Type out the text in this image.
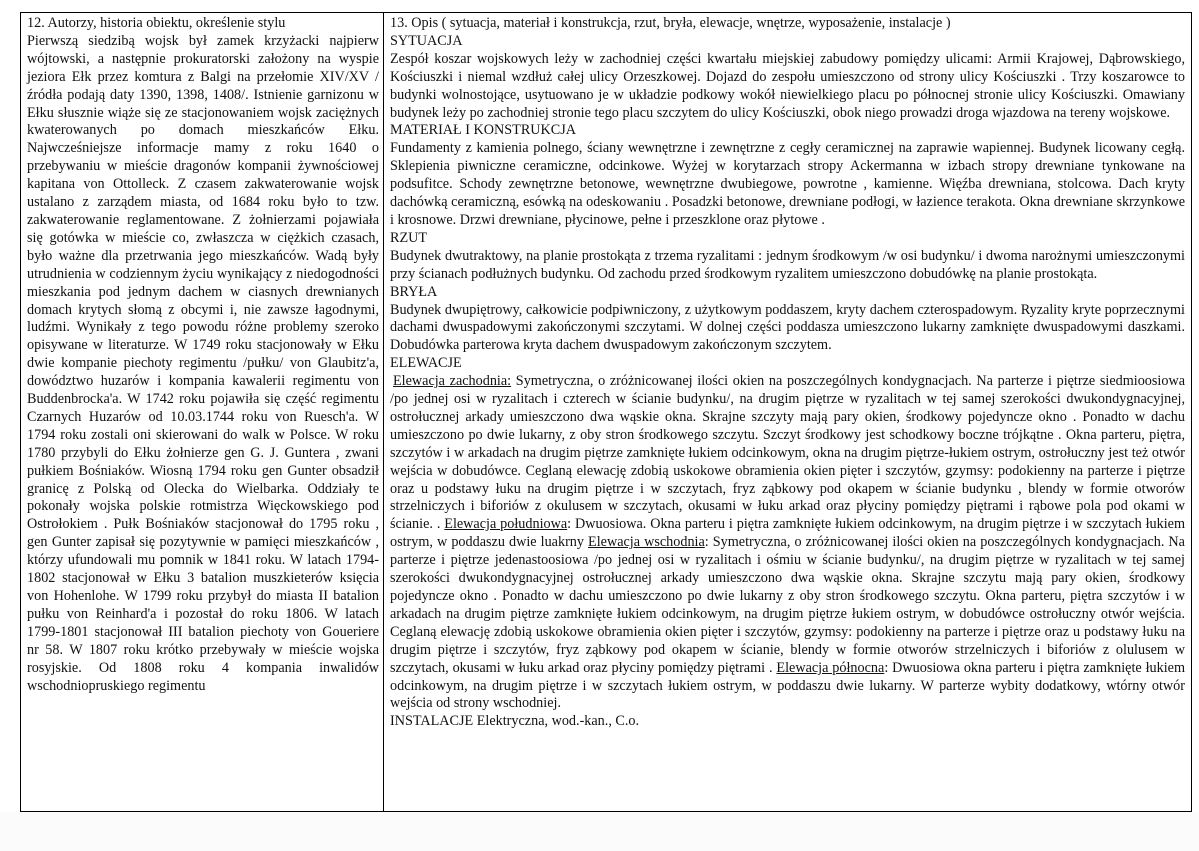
12. Autorzy, historia obiektu, określenie stylu
Pierwszą siedzibą wojsk był zamek krzyżacki najpierw wójtowski, a następnie prokuratorski założony na wyspie jeziora Ełk przez komtura z Balgi na przełomie XIV/XV / źródła podają daty 1390, 1398, 1408/. Istnienie garnizonu w Ełku słusznie wiąże się ze stacjonowaniem wojsk zaciężnych kwaterowanych po domach mieszkańców Ełku. Najwcześniejsze informacje mamy z roku 1640 o przebywaniu w mieście dragonów kompanii żywnościowej kapitana von Ottolleck. Z czasem zakwaterowanie wojsk ustalano z zarządem miasta, od 1684 roku było to tzw. zakwaterowanie reglamentowane. Z żołnierzami pojawiała się gotówka w mieście co, zwłaszcza w ciężkich czasach, było ważne dla przetrwania jego mieszkańców. Wadą były utrudnienia w codziennym życiu wynikający z niedogodności mieszkania pod jednym dachem w ciasnych drewnianych domach krytych słomą z obcymi i, nie zawsze łagodnymi, ludźmi. Wynikały z tego powodu różne problemy szeroko opisywane w literaturze. W 1749 roku stacjonowały w Ełku dwie kompanie piechoty regimentu /pułku/ von Glaubitz'a, dowództwo huzarów i kompania kawalerii regimentu von Buddenbrocka'a. W 1742 roku pojawiła się część regimentu Czarnych Huzarów od 10.03.1744 roku von Ruesch'a. W 1794 roku zostali oni skierowani do walk w Polsce. W roku 1780 przybyli do Ełku żołnierze gen G. J. Guntera , zwani pułkiem Bośniaków. Wiosną 1794 roku gen Gunter obsadził granicę z Polską od Olecka do Wielbarka. Oddziały te pokonały wojska polskie rotmistrza Więckowskiego pod Ostrołokiem . Pułk Bośniaków stacjonował do 1795 roku , gen Gunter zapisał się pozytywnie w pamięci mieszkańców , którzy ufundowali mu pomnik w 1841 roku. W latach 1794-1802 stacjonował w Ełku 3 batalion muszkieterów księcia von Hohenlohe. W 1799 roku przybył do miasta II batalion pułku von Reinhard'a i pozostał do roku 1806. W latach 1799-1801 stacjonował III batalion piechoty von Goueriere nr 58. W 1807 roku krótko przebywały w mieście wojska rosyjskie. Od 1808 roku 4 kompania inwalidów wschodniopruskiego regimentu
13. Opis ( sytuacja, materiał i konstrukcja, rzut, bryła, elewacje, wnętrze, wyposażenie, instalacje )
SYTUACJA
Zespół koszar wojskowych leży w zachodniej części kwartału miejskiej zabudowy pomiędzy ulicami: Armii Krajowej, Dąbrowskiego, Kościuszki i niemal wzdłuż całej ulicy Orzeszkowej. Dojazd do zespołu umieszczono od strony ulicy Kościuszki . Trzy koszarowce to budynki wolnostojące, usytuowano je w układzie podkowy wokół niewielkiego placu po północnej stronie ulicy Kościuszki. Omawiany budynek leży po zachodniej stronie tego placu szczytem do ulicy Kościuszki, obok niego prowadzi droga wjazdowa na tereny wojskowe.
MATERIAŁ I KONSTRUKCJA
Fundamenty z kamienia polnego, ściany wewnętrzne i zewnętrzne z cegły ceramicznej na zaprawie wapiennej. Budynek licowany cegłą. Sklepienia piwniczne ceramiczne, odcinkowe. Wyżej w korytarzach stropy Ackermanna w izbach stropy drewniane tynkowane na podsufitce. Schody zewnętrzne betonowe, wewnętrzne dwubiegowe, powrotne , kamienne. Więźba drewniana, stolcowa. Dach kryty dachówką ceramiczną, esówką na odeskowaniu . Posadzki betonowe, drewniane podłogi, w łazience terakota. Okna drewniane skrzynkowe i krosnowe. Drzwi drewniane, płycinowe, pełne i przeszklone oraz płytowe .
RZUT
Budynek dwutraktowy, na planie prostokąta z trzema ryzalitami : jednym środkowym /w osi budynku/ i dwoma narożnymi umieszczonymi przy ścianach podłużnych budynku. Od zachodu przed środkowym ryzalitem umieszczono dobudówkę na planie prostokąta.
BRYŁA
Budynek dwupiętrowy, całkowicie podpiwniczony, z użytkowym poddaszem, kryty dachem czterospadowym. Ryzality kryte poprzecznymi dachami dwuspadowymi zakończonymi szczytami. W dolnej części poddasza umieszczono lukarny zamknięte dwuspadowymi daszkami. Dobudówka parterowa kryta dachem dwuspadowym zakończonym szczytem.
ELEWACJE
Elewacja zachodnia: Symetryczna, o zróżnicowanej ilości okien na poszczególnych kondygnacjach. Na parterze i piętrze siedmioosiowa /po jednej osi w ryzalitach i czterech w ścianie budynku/, na drugim piętrze w ryzalitach w tej samej szerokości dwukondygnacyjnej, ostrołucznej arkady umieszczono dwa wąskie okna. Skrajne szczyty mają pary okien, środkowy pojedyncze okno . Ponadto w dachu umieszczono po dwie lukarny, z oby stron środkowego szczytu. Szczyt środkowy jest schodkowy boczne trójkątne . Okna parteru, piętra, szczytów i w arkadach na drugim piętrze zamknięte łukiem odcinkowym, okna na drugim piętrze-łukiem ostrym, ostrołuczny jest też otwór wejścia w dobudówce. Ceglaną elewację zdobią uskokowe obramienia okien pięter i szczytów, gzymsy: podokienny na parterze i piętrze oraz u podstawy łuku na drugim piętrze i w szczytach, fryz ząbkowy pod okapem w ścianie budynku , blendy w formie otworów strzelniczych i biforiów z okulusem w szczytach, okusami w łuku arkad oraz płyciny pomiędzy piętrami i rąbowe pola pod okami w ścianie. . Elewacja południowa: Dwuosiowa. Okna parteru i piętra zamknięte łukiem odcinkowym, na drugim piętrze i w szczytach łukiem ostrym, w poddaszu dwie luakrny Elewacja wschodnia: Symetryczna, o zróżnicowanej ilości okien na poszczególnych kondygnacjach. Na parterze i piętrze jedenastoosiowa /po jednej osi w ryzalitach i ośmiu w ścianie budynku/, na drugim piętrze w ryzalitach w tej samej szerokości dwukondygnacyjnej ostrołucznej arkady umieszczono dwa wąskie okna. Skrajne szczytu mają pary okien, środkowy pojedyncze okno . Ponadto w dachu umieszczono po dwie lukarny z oby stron środkowego szczytu. Okna parteru, piętra szczytów i w arkadach na drugim piętrze zamknięte łukiem odcinkowym, na drugim piętrze łukiem ostrym, w dobudówce ostrołuczny otwór wejścia. Ceglaną elewację zdobią uskokowe obramienia okien pięter i szczytów, gzymsy: podokienny na parterze i piętrze oraz u podstawy łuku na drugim piętrze i szczytów, fryz ząbkowy pod okapem w ścianie, blendy w formie otworów strzelniczych i biforiów z olulusem w szczytach, okusami w łuku arkad oraz płyciny pomiędzy piętrami . Elewacja północna: Dwuosiowa okna parteru i piętra zamknięte łukiem odcinkowym, na drugim piętrze i w szczytach łukiem ostrym, w poddaszu dwie lukarny. W parterze wybity dodatkowy, wtórny otwór wejścia od strony wschodniej.
INSTALACJE Elektryczna, wod.-kan., C.o.
